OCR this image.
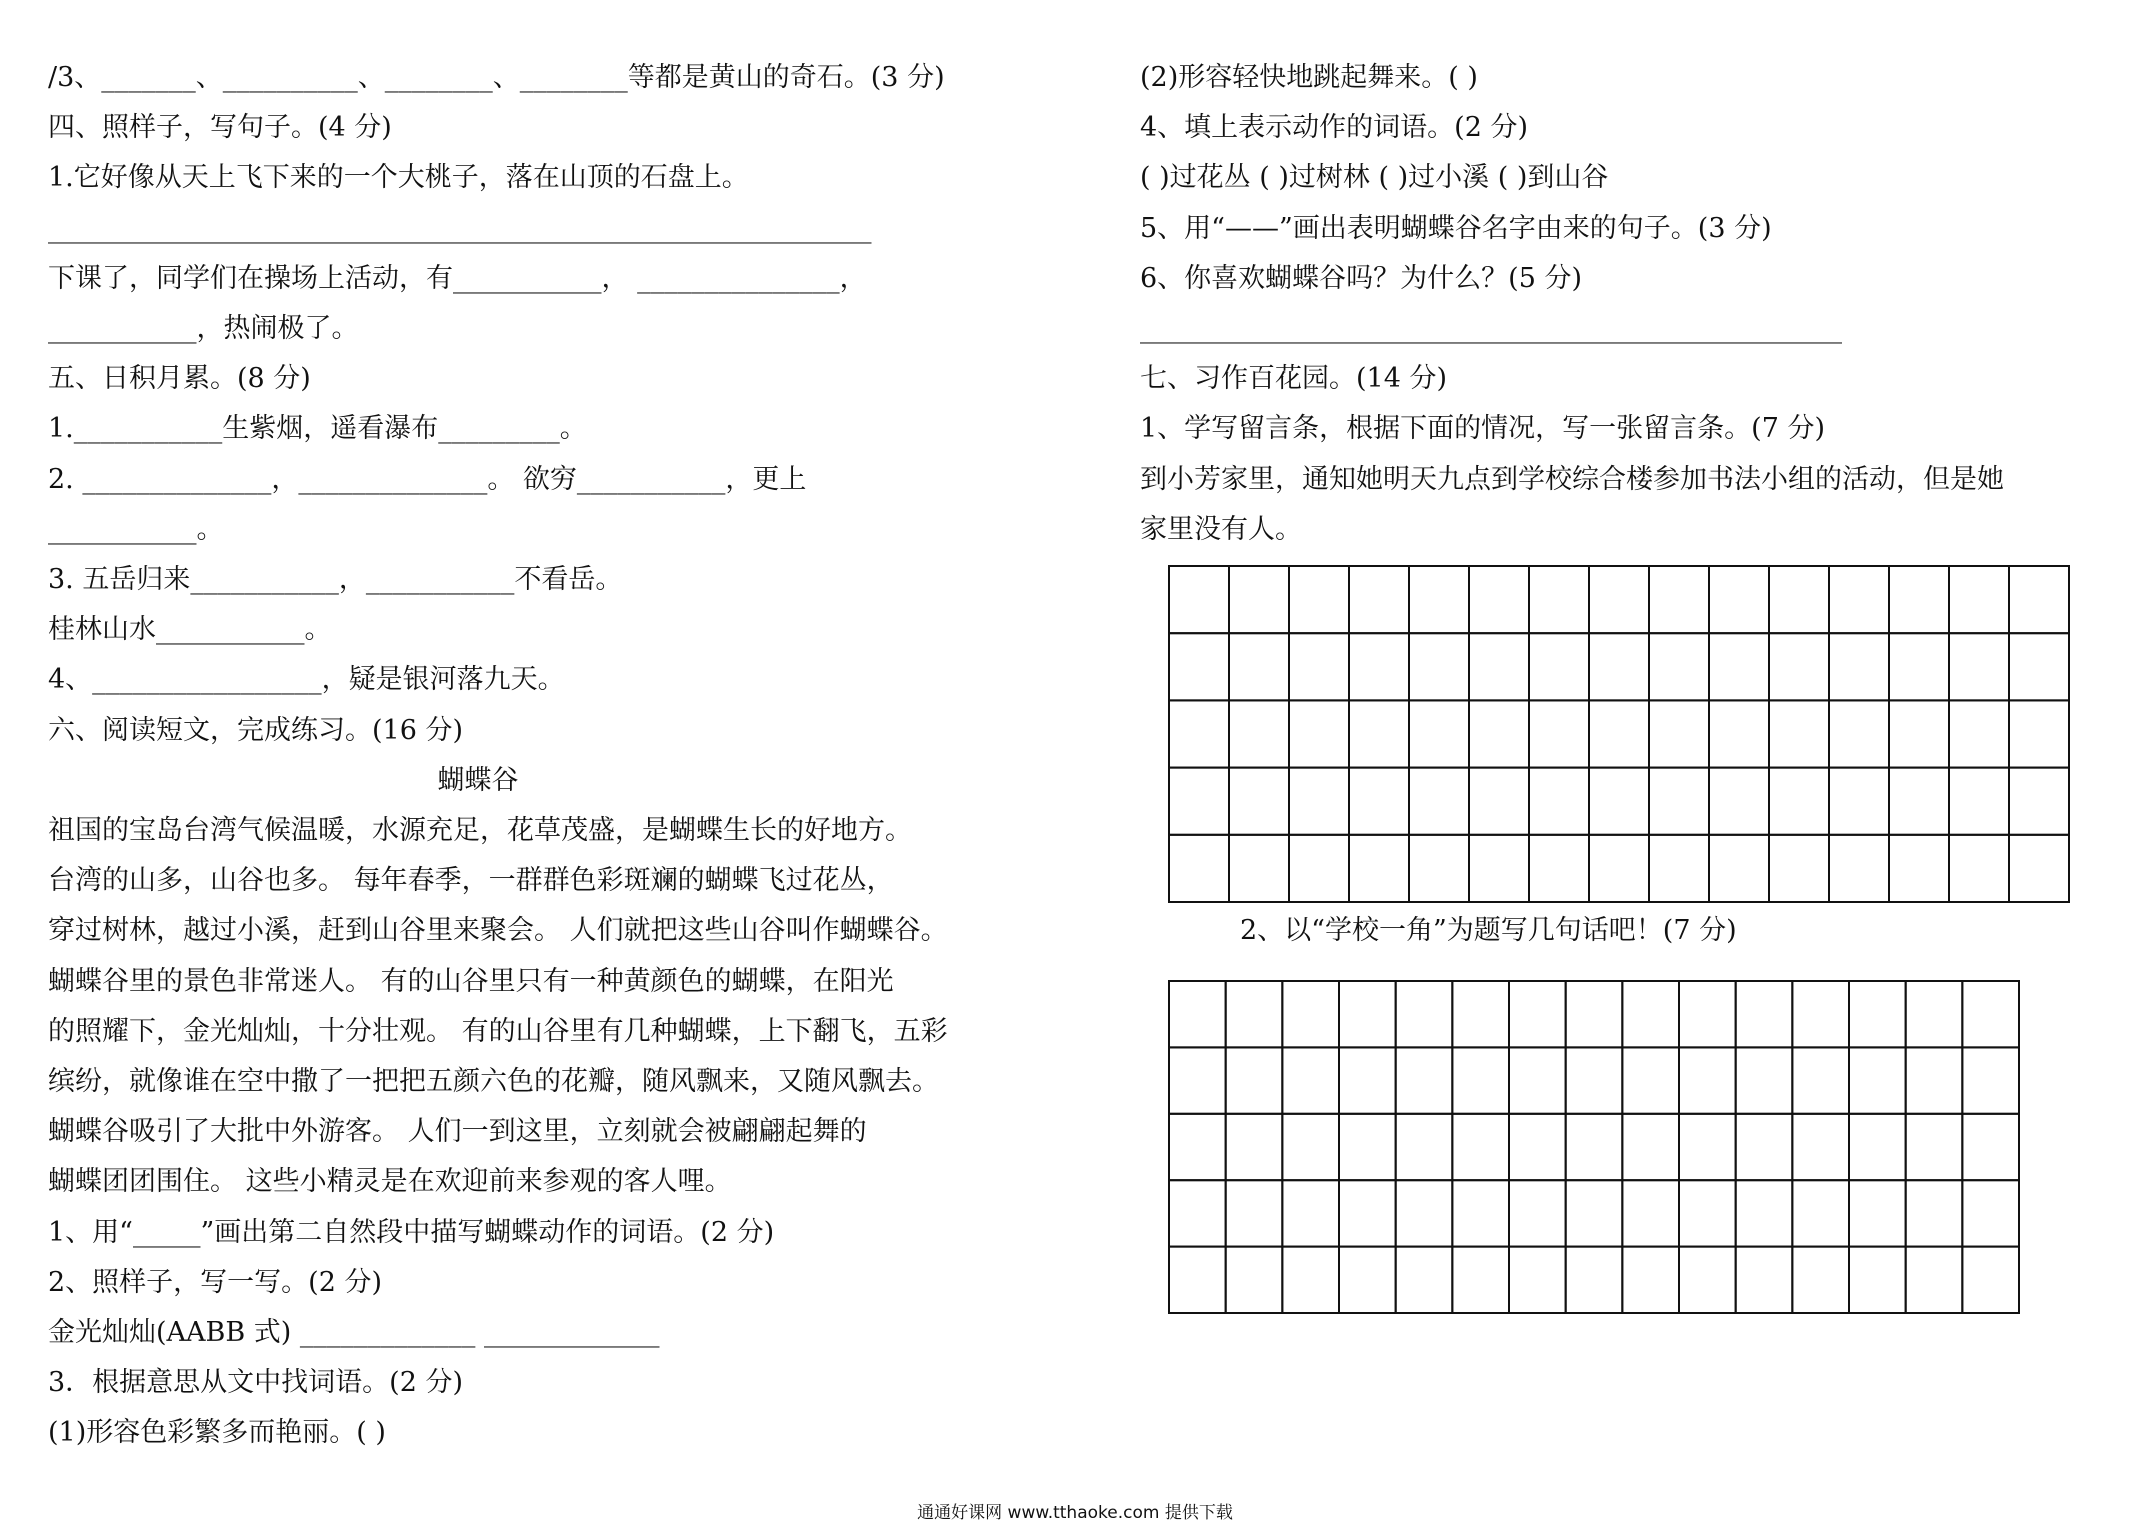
/3、_______、__________、________、________等都是黄山的奇石。(3 分)
四、照样子，写句子。(4 分)
1.它好像从天上飞下来的一个大桃子，落在山顶的石盘上。
_____________________________________________________________
下课了，同学们在操场上活动，有___________， _______________，
___________，热闹极了。
五、日积月累。(8 分)
1.___________生紫烟，遥看瀑布_________。
2. ______________，______________。 欲穷___________，更上
___________。
3. 五岳归来___________，___________不看岳。
桂林山水___________。
4、_________________，疑是银河落九天。
六、阅读短文，完成练习。(16 分)
蝴蝶谷
祖国的宝岛台湾气候温暖，水源充足，花草茂盛，是蝴蝶生长的好地方。
台湾的山多，山谷也多。 每年春季，一群群色彩斑斓的蝴蝶飞过花丛，
穿过树林，越过小溪，赶到山谷里来聚会。 人们就把这些山谷叫作蝴蝶谷。
蝴蝶谷里的景色非常迷人。 有的山谷里只有一种黄颜色的蝴蝶，在阳光
的照耀下，金光灿灿，十分壮观。 有的山谷里有几种蝴蝶，上下翻飞，五彩
缤纷，就像谁在空中撒了一把把五颜六色的花瓣，随风飘来，又随风飘去。
蝴蝶谷吸引了大批中外游客。 人们一到这里，立刻就会被翩翩起舞的
蝴蝶团团围住。 这些小精灵是在欢迎前来参观的客人哩。
1、用“_____”画出第二自然段中描写蝴蝶动作的词语。(2 分)
2、照样子，写一写。(2 分)
金光灿灿(AABB 式) _____________ _____________
3．根据意思从文中找词语。(2 分)
(1)形容色彩繁多而艳丽。( )
(2)形容轻快地跳起舞来。( )
4、填上表示动作的词语。(2 分)
( )过花丛 ( )过树林 ( )过小溪 ( )到山谷
5、用“——”画出表明蝴蝶谷名字由来的句子。(3 分)
6、你喜欢蝴蝶谷吗？为什么？(5 分)
____________________________________________________
七、习作百花园。(14 分)
1、学写留言条，根据下面的情况，写一张留言条。(7 分)
到小芳家里，通知她明天九点到学校综合楼参加书法小组的活动，但是她
家里没有人。
2、以“学校一角”为题写几句话吧！(7 分)
通通好课网 www.tthaoke.com 提供下载
